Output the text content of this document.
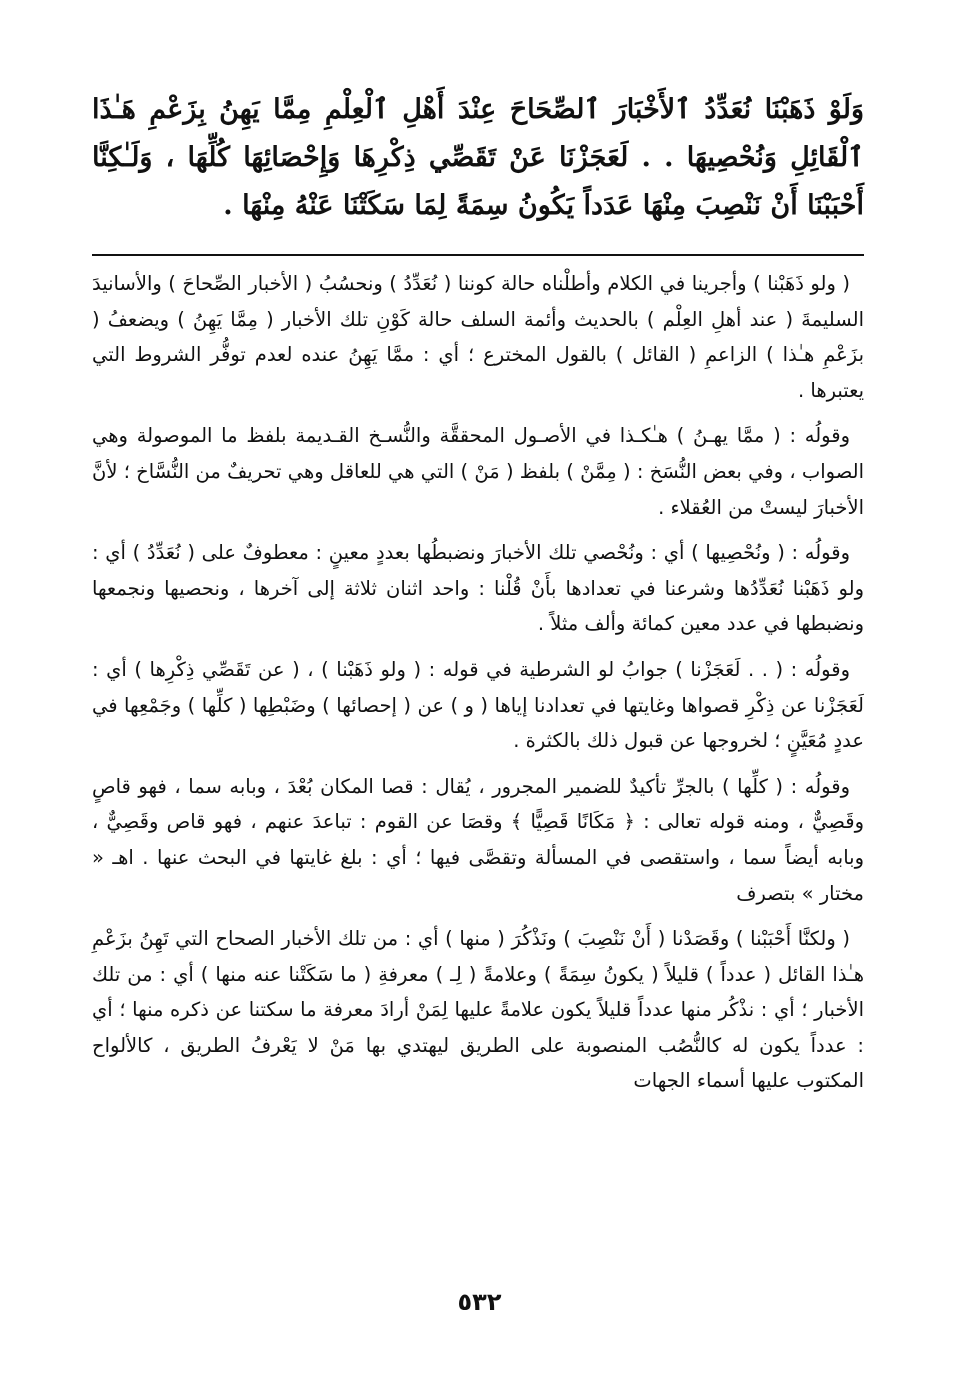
وَلَوْ ذَهَبْنَا نُعَدِّدُ ٱلأَخْبَارَ ٱلصِّحَاحَ عِنْدَ أَهْلِ ٱلْعِلْمِ مِمَّا يَهِنُ بِزَعْمِ هَـٰذَا ٱلْقَائِلِ وَنُحْصِيهَا . . لَعَجَزْنَا عَنْ تَقَصِّي ذِكْرِهَا وَإِحْصَائِهَا كُلِّهَا ، وَلَـٰكِنَّا أَحْبَبْنَا أَنْ نَنْصِبَ مِنْهَا عَدَداً يَكُونُ سِمَةً لِمَا سَكَتْنَا عَنْهُ مِنْهَا .

( ولو ذَهَبْنا ) وأجرينا في الكلام وأطلْناه حالة كوننا ( نُعَدِّدُ ) ونحسُبُ ( الأخبار الصِّحاحَ ) والأسانيدَ السليمةَ ( عند أهلِ العِلْم ) بالحديث وأئمة السلف حالة كَوْنِ تلك الأخبار ( مِمَّا يَهِنُ ) ويضعفُ ( بزَعْمِ هـٰذا ) الزاعمِ ( القائل ) بالقول المخترع ؛ أي : ممَّا يَهِنُ عنده لعدم توفُّر الشروط التي يعتبرها .

وقولُه : ( ممَّا يهـنُ ) هـٰكـذا في الأصـول المحققَّة والنُّسـخ القـديمة بلفظ ما الموصولة وهي الصواب ، وفي بعض النُّسَخ : ( مِمَّنْ ) بلفظ ( مَنْ ) التي هي للعاقل وهي تحريفٌ من النُّسَّاخ ؛ لأنَّ الأخبارَ ليستْ من العُقلاء .

وقولُه : ( ونُحْصِيها ) أي : ونُحْصي تلك الأخبارَ ونضبطُها بعددٍ معينٍ : معطوفٌ على ( نُعَدِّدُ ) أي : ولو ذَهَبْنا نُعَدِّدُها وشرعنا في تعدادها بأَنْ قُلْنا : واحد اثنان ثلاثة إلى آخرها ، ونحصيها ونجمعها ونضبطها في عدد معين كمائة وألف مثلاً .

وقولُه : ( . . لَعَجَزْنا ) جوابُ لو الشرطية في قوله : ( ولو ذَهَبْنا ) ، ( عن تَقَصِّي ذِكْرِها ) أي : لَعَجَزْنا عن ذِكْرِ قصواها وغايتها في تعدادنا إياها ( و ) عن ( إحصائها ) وضَبْطِها ( كلِّها ) وجَمْعِها في عددٍ مُعَيَّنٍ ؛ لخروجها عن قبول ذلك بالكثرة .

وقولُه : ( كلِّها ) بالجرِّ تأكيدٌ للضمير المجرور ، يُقال : قصا المكان بُعْدَ ، وبابه سما ، فهو قاصٍ وقَصِيٌّ ، ومنه قوله تعالى : ﴿ مَكَانًا قَصِيًّا ﴾ وقصَا عن القوم : تباعدَ عنهم ، فهو قاص وقَصِيٌّ ، وبابه أيضاً سما ، واستقصى في المسألة وتقصَّى فيها ؛ أي : بلغ غايتها في البحث عنها . اهـ « مختار » بتصرف

( ولكنَّا أَحْبَبْنا ) وقَصَدْنا ( أَنْ نَنْصِبَ ) ونَذْكُرَ ( منها ) أي : من تلك الأخبار الصحاح التي تَهِنُ بزَعْمِ هـٰذا القائل ( عدداً ) قليلاً ( يكونُ سِمَةً ) وعلامةً ( لِـ ) معرفةِ ( ما سَكَتْنا عنه منها ) أي : من تلك الأخبار ؛ أي : نذْكُر منها عدداً قليلاً يكون علامةً عليها لِمَنْ أرادَ معرفة ما سكتنا عن ذكره منها ؛ أي : عدداً يكون له كالنُّصُب المنصوبة على الطريق ليهتدي بها مَنْ لا يَعْرفُ الطريق ، كالألواح المكتوب عليها أسماء الجهات

٥٣٢
